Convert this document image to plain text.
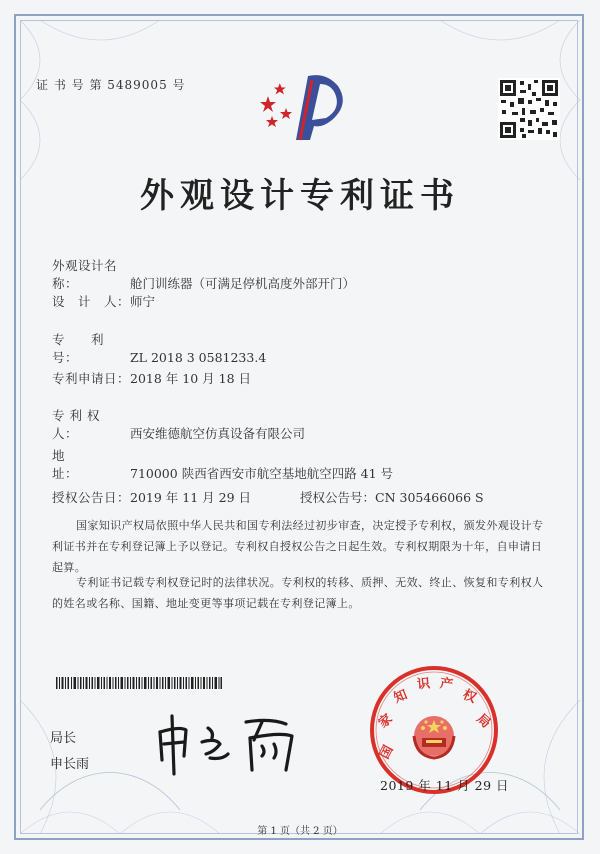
证 书 号 第 5489005 号
外观设计专利证书
外观设计名称：	舱门训练器（可满足停机高度外部开门）
设　计　人：师宁
专　　利　号：	ZL 2018 3 0581233.4
专利申请日：2018 年 10 月 18 日
专 利 权 人：	西安维德航空仿真设备有限公司
地　　　　址：	710000 陕西省西安市航空基地航空四路 41 号
授权公告日：2019 年 11 月 29 日	授权公告号：CN 305466066 S
国家知识产权局依照中华人民共和国专利法经过初步审查，决定授予专利权，颁发外观设计专利证书并在专利登记簿上予以登记。专利权自授权公告之日起生效。专利权期限为十年，自申请日起算。
专利证书记载专利权登记时的法律状况。专利权的转移、质押、无效、终止、恢复和专利权人的姓名或名称、国籍、地址变更等事项记载在专利登记簿上。
局长
申长雨
国
家
知
识 产
权
局
2019 年 11 月 29 日
第 1 页（共 2 页）
